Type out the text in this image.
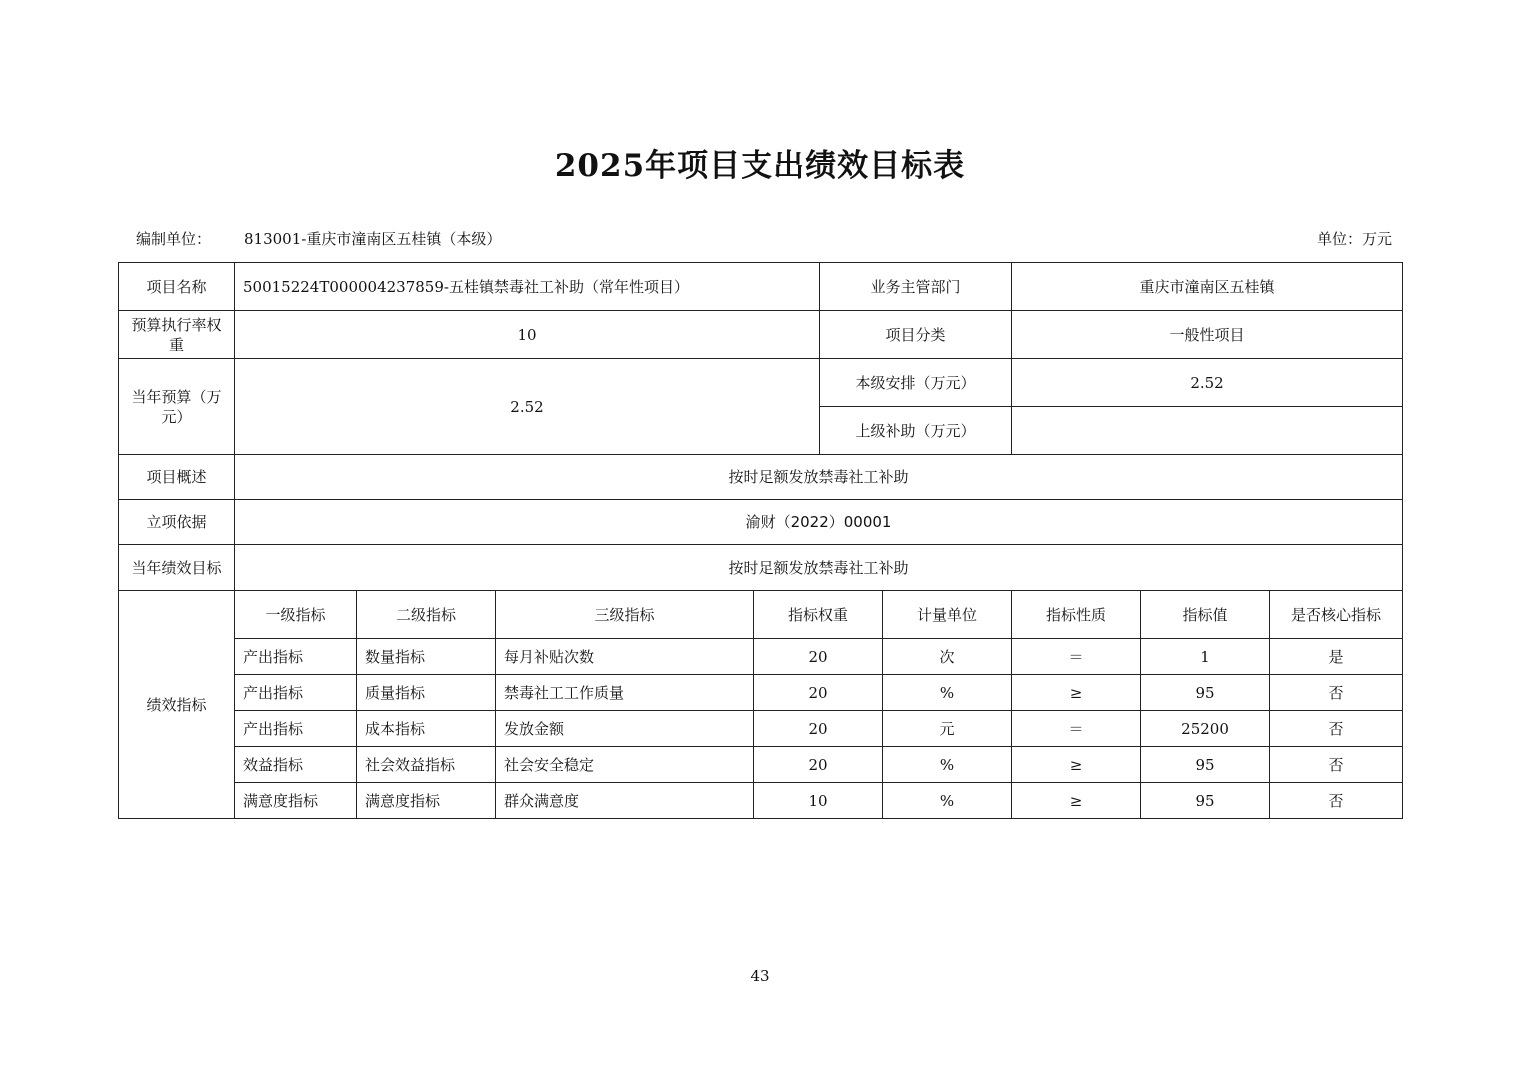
2025年项目支出绩效目标表
编制单位： 813001-重庆市潼南区五桂镇（本级）	单位：万元
项目名称	50015224T000004237859-五桂镇禁毒社工补助（常年性项目）				业务主管部门		重庆市潼南区五桂镇		
预算执行率权重	10				项目分类		一般性项目		
当年预算（万元）	2.52				本级安排（万元）		2.52		
					上级补助（万元）				
项目概述	按时足额发放禁毒社工补助								
立项依据	渝财（2022）00001								
当年绩效目标	按时足额发放禁毒社工补助								
绩效指标	一级指标	二级指标	三级指标	指标权重		计量单位	指标性质	指标值	是否核心指标
	产出指标	数量指标	每月补贴次数	20		次	＝	1	是
	产出指标	质量指标	禁毒社工工作质量	20		%	≥	95	否
	产出指标	成本指标	发放金额	20		元	＝	25200	否
	效益指标	社会效益指标	社会安全稳定	20		%	≥	95	否
	满意度指标	满意度指标	群众满意度	10		%	≥	95	否
43
